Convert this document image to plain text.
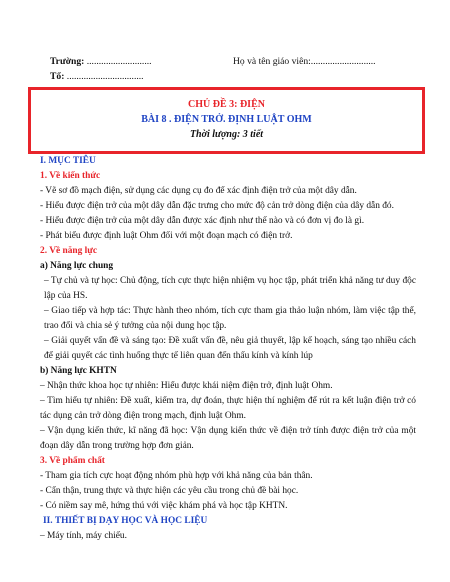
Trường: ...........................	Họ và tên giáo viên:...........................
Tổ: ................................
CHỦ ĐỀ 3: ĐIỆN
BÀI 8 . ĐIỆN TRỞ. ĐỊNH LUẬT OHM
Thời lượng: 3 tiết

I. MỤC TIÊU

1. Về kiến thức

- Vẽ sơ đồ mạch điện, sử dụng các dụng cụ đo để xác định điện trở của một dây dẫn.

- Hiểu được điện trở của một dây dẫn đặc trưng cho mức độ cản trở dòng điện của dây dẫn đó.

- Hiểu được điện trở của một dây dẫn được xác định như thế nào và có đơn vị đo là gì.

- Phát biểu được định luật Ohm đối với một đoạn mạch có điện trở.

2. Về năng lực

a) Năng lực chung

– Tự chủ và tự học: Chủ động, tích cực thực hiện nhiệm vụ học tập, phát triển khả năng tư duy độc lập của HS.

– Giao tiếp và hợp tác: Thực hành theo nhóm, tích cực tham gia thảo luận nhóm, làm việc tập thể, trao đổi và chia sẻ ý tưởng của nội dung học tập.

– Giải quyết vấn đề và sáng tạo: Đề xuất vấn đề, nêu giả thuyết, lập kế hoạch, sáng tạo nhiều cách để giải quyết các tình huống thực tế liên quan đến thấu kính và kính lúp

b) Năng lực KHTN

– Nhận thức khoa học tự nhiên: Hiểu được khái niệm điện trở, định luật Ohm.

– Tìm hiểu tự nhiên: Đề xuất, kiểm tra, dự đoán, thực hiện thí nghiệm để rút ra kết luận điện trở có tác dụng cản trở dòng điện trong mạch, định luật Ohm.

– Vận dụng kiến thức, kĩ năng đã học: Vận dụng kiến thức về điện trở tính được điện trở của một đoạn dây dẫn trong trường hợp đơn giản.

3. Về phẩm chất

- Tham gia tích cực hoạt động nhóm phù hợp với khả năng của bản thân.

- Cẩn thận, trung thực và thực hiện các yêu cầu trong chủ đề bài học.

- Có niềm say mê, hứng thú với việc khám phá và học tập KHTN.

II. THIẾT BỊ DẠY HỌC VÀ HỌC LIỆU

– Máy tính, máy chiếu.
